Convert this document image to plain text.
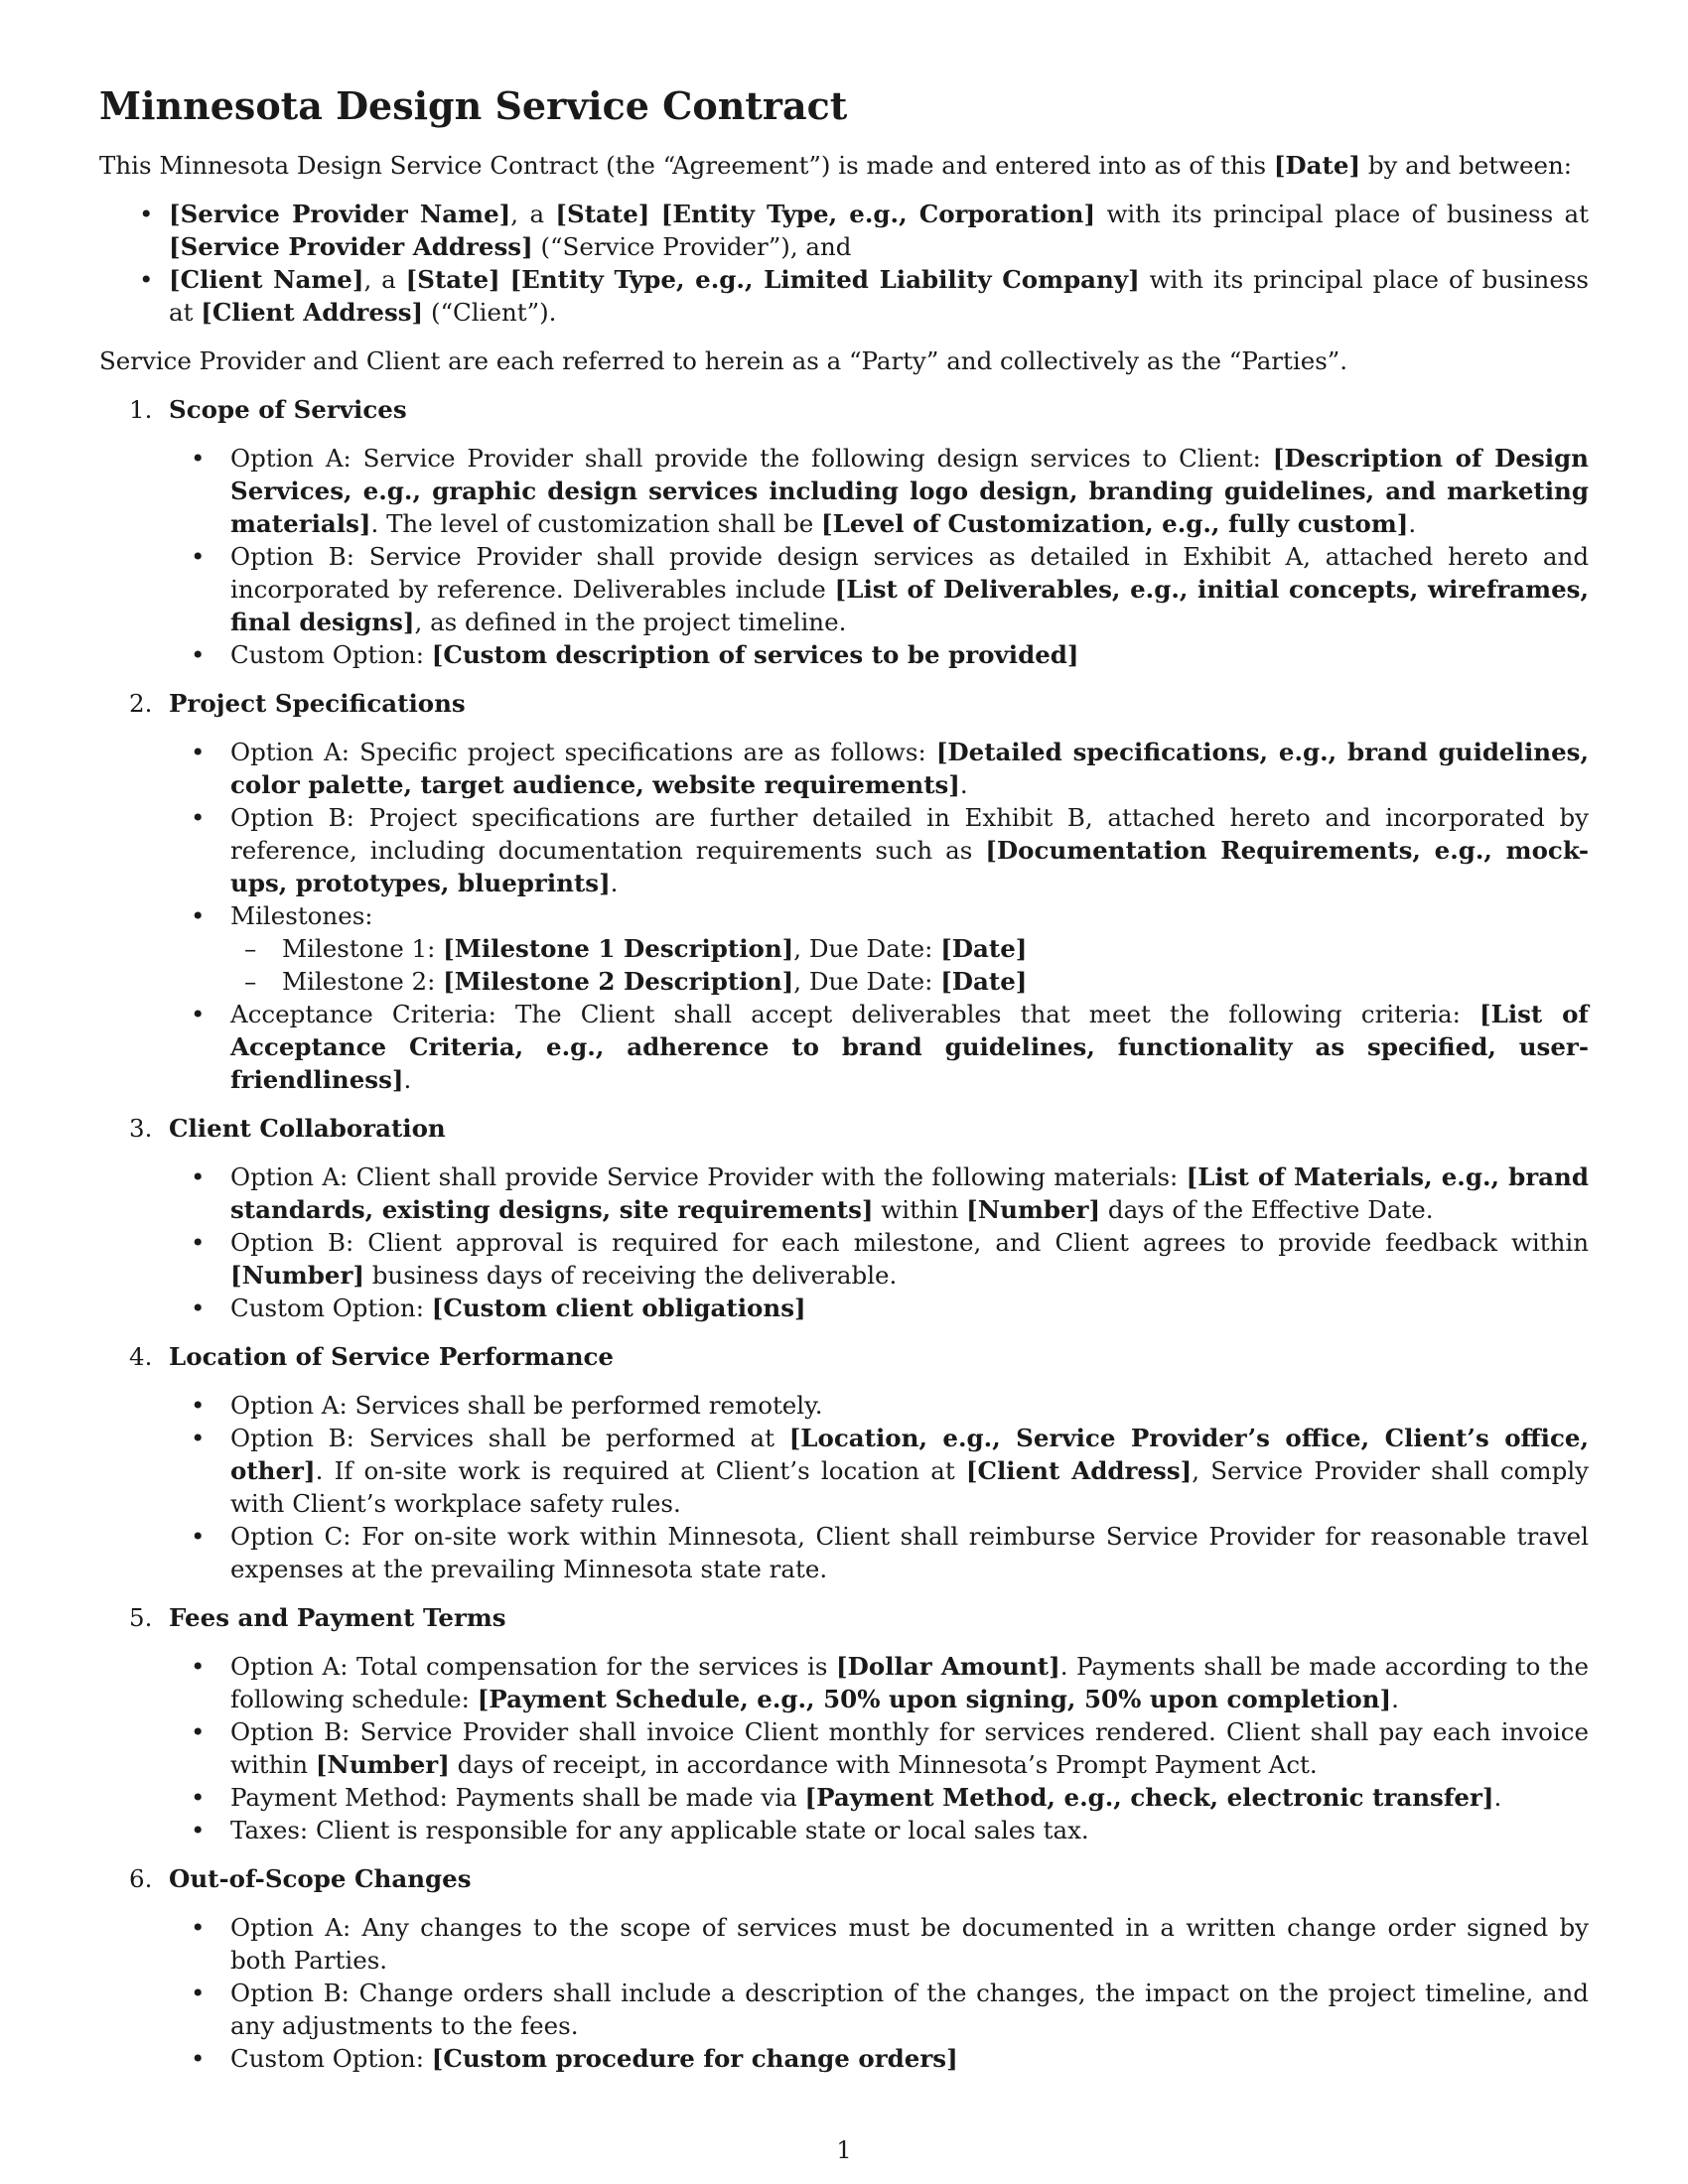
Minnesota Design Service Contract

This Minnesota Design Service Contract (the “Agreement”) is made and entered into as of this [Date] by and between:

• [Service Provider Name], a [State] [Entity Type, e.g., Corporation] with its principal place of business at [Service Provider Address] (“Service Provider”), and
• [Client Name], a [State] [Entity Type, e.g., Limited Liability Company] with its principal place of business at [Client Address] (“Client”).

Service Provider and Client are each referred to herein as a “Party” and collectively as the “Parties”.

1. Scope of Services
• Option A: Service Provider shall provide the following design services to Client: [Description of Design Services, e.g., graphic design services including logo design, branding guidelines, and marketing materials]. The level of customization shall be [Level of Customization, e.g., fully custom].
• Option B: Service Provider shall provide design services as detailed in Exhibit A, attached hereto and incorporated by reference. Deliverables include [List of Deliverables, e.g., initial concepts, wireframes, final designs], as defined in the project timeline.
• Custom Option: [Custom description of services to be provided]
2. Project Specifications
• Option A: Specific project specifications are as follows: [Detailed specifications, e.g., brand guidelines, color palette, target audience, website requirements].
• Option B: Project specifications are further detailed in Exhibit B, attached hereto and incorporated by reference, including documentation requirements such as [Documentation Requirements, e.g., mock-ups, prototypes, blueprints].
• Milestones:
– Milestone 1: [Milestone 1 Description], Due Date: [Date]
– Milestone 2: [Milestone 2 Description], Due Date: [Date]
• Acceptance Criteria: The Client shall accept deliverables that meet the following criteria: [List of Acceptance Criteria, e.g., adherence to brand guidelines, functionality as specified, user-friendliness].
3. Client Collaboration
• Option A: Client shall provide Service Provider with the following materials: [List of Materials, e.g., brand standards, existing designs, site requirements] within [Number] days of the Effective Date.
• Option B: Client approval is required for each milestone, and Client agrees to provide feedback within [Number] business days of receiving the deliverable.
• Custom Option: [Custom client obligations]
4. Location of Service Performance
• Option A: Services shall be performed remotely.
• Option B: Services shall be performed at [Location, e.g., Service Provider’s office, Client’s office, other]. If on-site work is required at Client’s location at [Client Address], Service Provider shall comply with Client’s workplace safety rules.
• Option C: For on-site work within Minnesota, Client shall reimburse Service Provider for reasonable travel expenses at the prevailing Minnesota state rate.
5. Fees and Payment Terms
• Option A: Total compensation for the services is [Dollar Amount]. Payments shall be made according to the following schedule: [Payment Schedule, e.g., 50% upon signing, 50% upon completion].
• Option B: Service Provider shall invoice Client monthly for services rendered. Client shall pay each invoice within [Number] days of receipt, in accordance with Minnesota’s Prompt Payment Act.
• Payment Method: Payments shall be made via [Payment Method, e.g., check, electronic transfer].
• Taxes: Client is responsible for any applicable state or local sales tax.
6. Out-of-Scope Changes
• Option A: Any changes to the scope of services must be documented in a written change order signed by both Parties.
• Option B: Change orders shall include a description of the changes, the impact on the project timeline, and any adjustments to the fees.
• Custom Option: [Custom procedure for change orders]
1
